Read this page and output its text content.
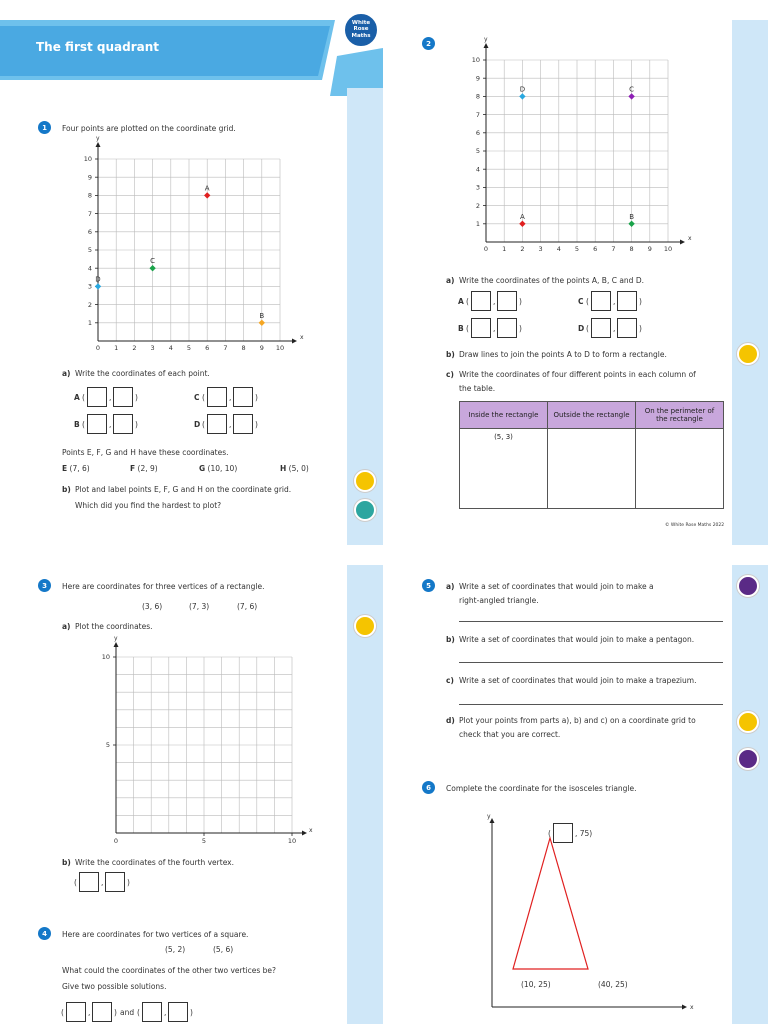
The first quadrant
White
Rose
Maths
1	Four points are plotted on the coordinate grid.
x
y
0 1
1
2
2
3
3
4
4
5
5
6
6
7
7
8
8
9
9
10
10
A
B
C
D
a) Write the coordinates of each point.
A (	,	)	C (	,	)
B (	,	)	D (	,	)
Points E, F, G and H have these coordinates.
E (7, 6)	F (2, 9)	G (10, 10)	H (5, 0)
b) Plot and label points E, F, G and H on the coordinate grid.
Which did you find the hardest to plot?
2
x
y
0 1
1
2
2
3
3
4
4
5
5
6
6
7
7
8
8
9
9
10
10
A	B
C
D
a) Write the coordinates of the points A, B, C and D.
A (	,	)	C (	,	)
B (	,	)	D (	,	)
b) Draw lines to join the points A to D to form a rectangle.
c) Write the coordinates of four different points in each column of
the table.
Inside the rectangle	Outside the rectangle	On the perimeter of the rectangle
(5, 3)		
© White Rose Maths 2022
3	Here are coordinates for three vertices of a rectangle.
(3, 6)	(7, 3)	(7, 6)
a) Plot the coordinates.
x
y
0	5
5
10
10
b) Write the coordinates of the fourth vertex.
(	,	)
4	Here are coordinates for two vertices of a square.
(5, 2)	(5, 6)
What could the coordinates of the other two vertices be?
Give two possible solutions.
(	,	) and (	,	)
5	a) Write a set of coordinates that would join to make a
right-angled triangle.
b) Write a set of coordinates that would join to make a pentagon.
c) Write a set of coordinates that would join to make a trapezium.
d) Plot your points from parts a), b) and c) on a coordinate grid to
check that you are correct.
6	Complete the coordinate for the isosceles triangle.
x
y
(	, 75)
(10, 25)	(40, 25)
